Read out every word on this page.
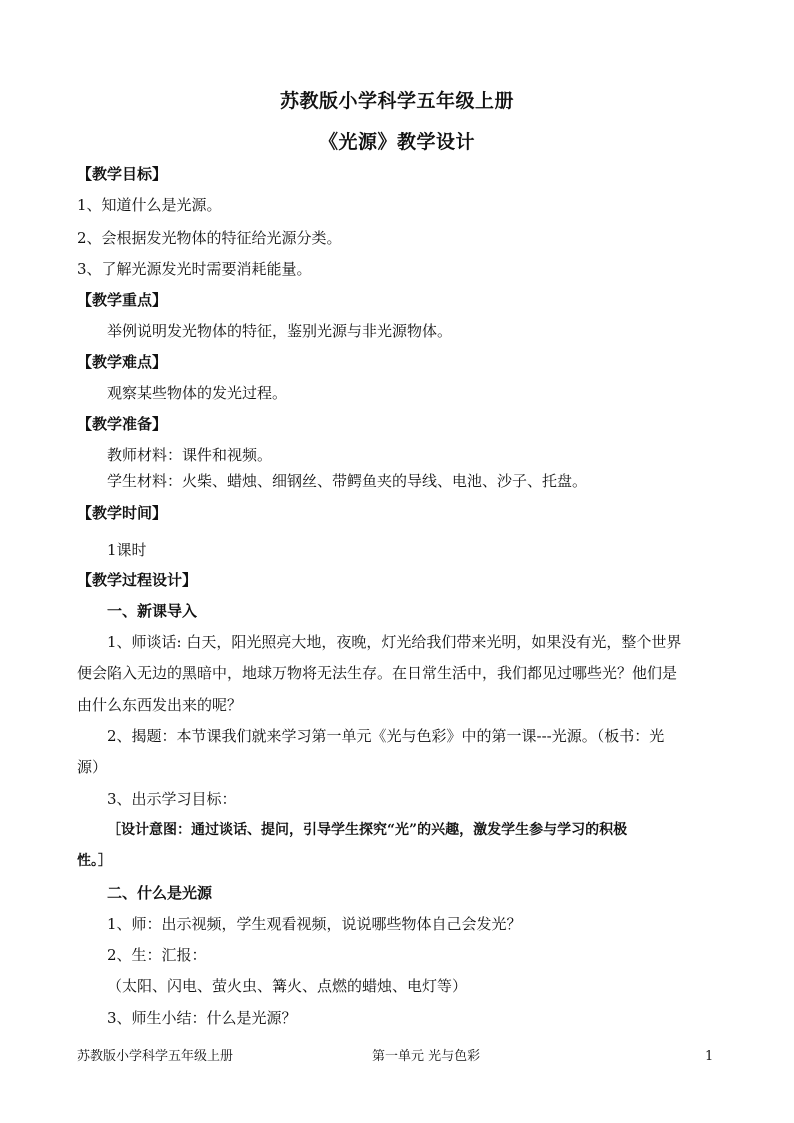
苏教版小学科学五年级上册
《光源》教学设计
【教学目标】
1、知道什么是光源。
2、会根据发光物体的特征给光源分类。
3、了解光源发光时需要消耗能量。
【教学重点】
举例说明发光物体的特征，鉴别光源与非光源物体。
【教学难点】
观察某些物体的发光过程。
【教学准备】
教师材料：课件和视频。
学生材料：火柴、蜡烛、细钢丝、带鳄鱼夹的导线、电池、沙子、托盘。
【教学时间】
1课时
【教学过程设计】
一、新课导入
1、师谈话: 白天，阳光照亮大地，夜晚，灯光给我们带来光明，如果没有光，整个世界
便会陷入无边的黑暗中，地球万物将无法生存。在日常生活中，我们都见过哪些光？他们是
由什么东西发出来的呢？
2、揭题：本节课我们就来学习第一单元《光与色彩》中的第一课---光源。（板书：光
源）
3、出示学习目标：
［设计意图：通过谈话、提问，引导学生探究“光”的兴趣，激发学生参与学习的积极
性。］
二、什么是光源
1、师：出示视频，学生观看视频，说说哪些物体自己会发光？
2、生：汇报：
（太阳、闪电、萤火虫、篝火、点燃的蜡烛、电灯等）
3、师生小结：什么是光源？
苏教版小学科学五年级上册	第一单元 光与色彩	1
